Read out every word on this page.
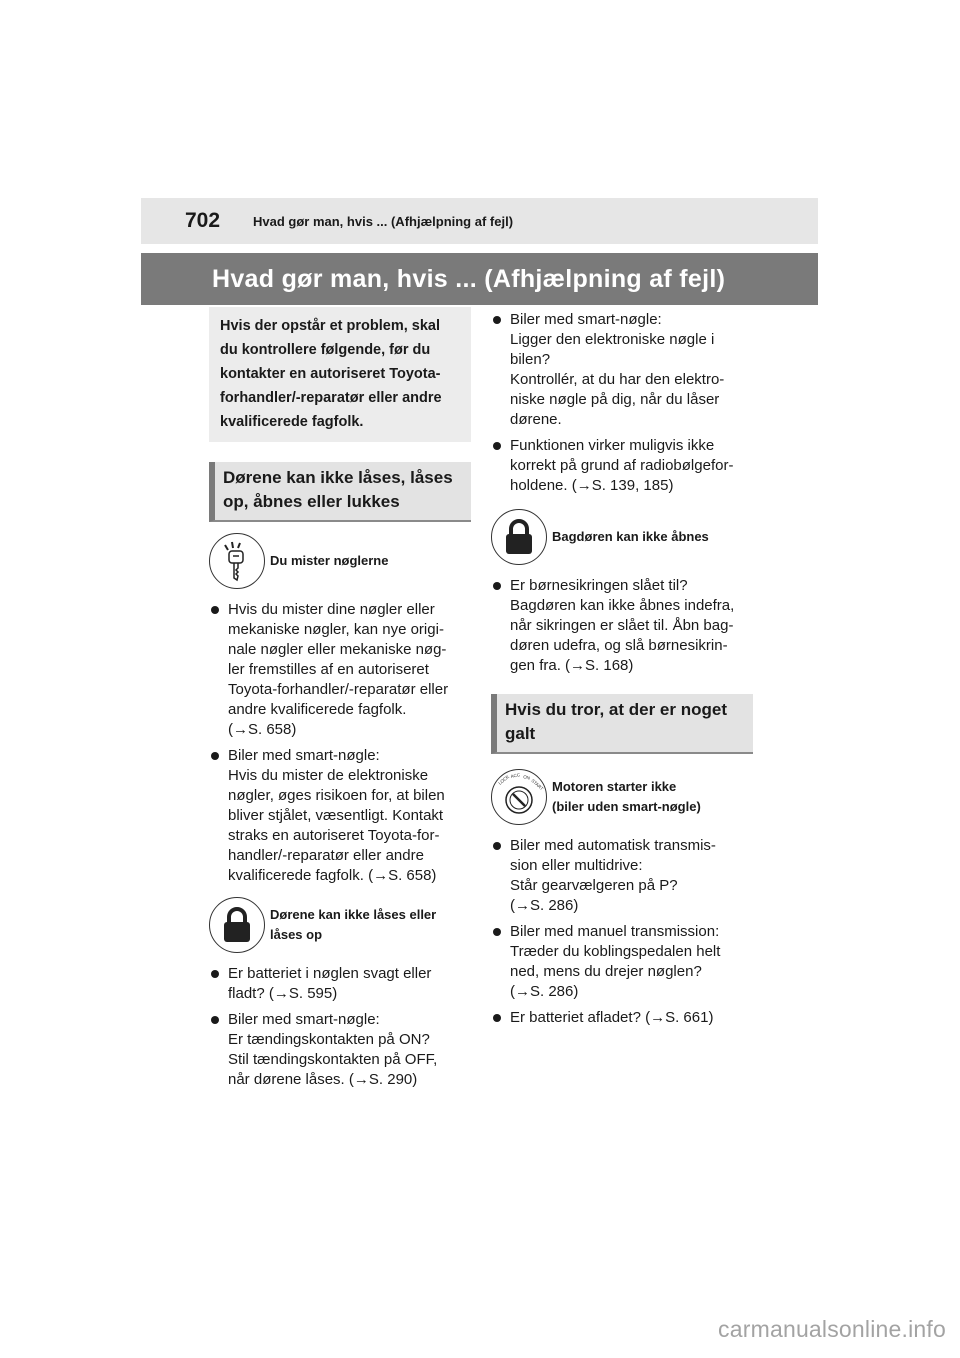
702	Hvad gør man, hvis ... (Afhjælpning af fejl)
Hvad gør man, hvis ... (Afhjælpning af fejl)
Hvis der opstår et problem, skal
du kontrollere følgende, før du
kontakter en autoriseret Toyota-
forhandler/-reparatør eller andre
kvalificerede fagfolk.
Dørene kan ikke låses, låses
op, åbnes eller lukkes
Du mister nøglerne
Hvis du mister dine nøgler eller
mekaniske nøgler, kan nye origi-
nale nøgler eller mekaniske nøg-
ler fremstilles af en autoriseret
Toyota-forhandler/-reparatør eller
andre kvalificerede fagfolk.
(→S. 658)
Biler med smart-nøgle:
Hvis du mister de elektroniske
nøgler, øges risikoen for, at bilen
bliver stjålet, væsentligt. Kontakt
straks en autoriseret Toyota-for-
handler/-reparatør eller andre
kvalificerede fagfolk. (→S. 658)
Dørene kan ikke låses eller
låses op
Er batteriet i nøglen svagt eller
fladt? (→S. 595)
Biler med smart-nøgle:
Er tændingskontakten på ON?
Stil tændingskontakten på OFF,
når dørene låses. (→S. 290)
Biler med smart-nøgle:
Ligger den elektroniske nøgle i
bilen?
Kontrollér, at du har den elektro-
niske nøgle på dig, når du låser
dørene.
Funktionen virker muligvis ikke
korrekt på grund af radiobølgefor-
holdene. (→S. 139, 185)
Bagdøren kan ikke åbnes
Er børnesikringen slået til?
Bagdøren kan ikke åbnes indefra,
når sikringen er slået til. Åbn bag-
døren udefra, og slå børnesikrin-
gen fra. (→S. 168)
Hvis du tror, at der er noget
galt
LOCK ACC ON
START Motoren starter ikke
(biler uden smart-nøgle)
Biler med automatisk transmis-
sion eller multidrive:
Står gearvælgeren på P?
(→S. 286)
Biler med manuel transmission:
Træder du koblingspedalen helt
ned, mens du drejer nøglen?
(→S. 286)
Er batteriet afladet? (→S. 661)
carmanualsonline.info
